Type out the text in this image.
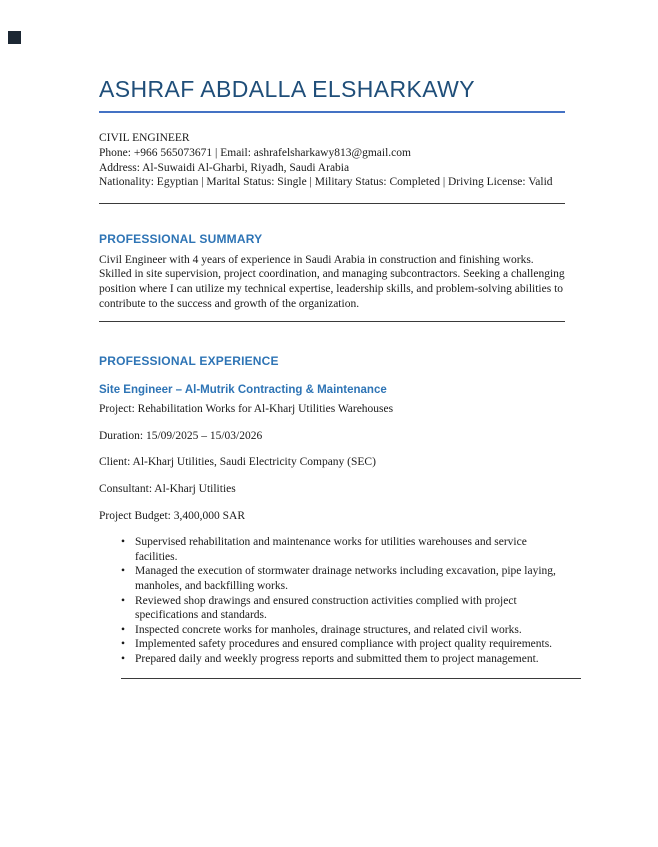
ASHRAF ABDALLA ELSHARKAWY

CIVIL ENGINEER

Phone: +966 565073671 | Email: ashrafelsharkawy813@gmail.com

Address: Al-Suwaidi Al-Gharbi, Riyadh, Saudi Arabia

Nationality: Egyptian | Marital Status: Single | Military Status: Completed | Driving License: Valid

PROFESSIONAL SUMMARY

Civil Engineer with 4 years of experience in Saudi Arabia in construction and finishing works. Skilled in site supervision, project coordination, and managing subcontractors. Seeking a challenging position where I can utilize my technical expertise, leadership skills, and problem-solving abilities to contribute to the success and growth of the organization.

PROFESSIONAL EXPERIENCE
Site Engineer – Al-Mutrik Contracting & Maintenance

Project: Rehabilitation Works for Al-Kharj Utilities Warehouses

Duration: 15/09/2025 – 15/03/2026

Client: Al-Kharj Utilities, Saudi Electricity Company (SEC)

Consultant: Al-Kharj Utilities

Project Budget: 3,400,000 SAR

• Supervised rehabilitation and maintenance works for utilities warehouses and service facilities.
• Managed the execution of stormwater drainage networks including excavation, pipe laying, manholes, and backfilling works.
• Reviewed shop drawings and ensured construction activities complied with project specifications and standards.
• Inspected concrete works for manholes, drainage structures, and related civil works.
• Implemented safety procedures and ensured compliance with project quality requirements.
• Prepared daily and weekly progress reports and submitted them to project management.
